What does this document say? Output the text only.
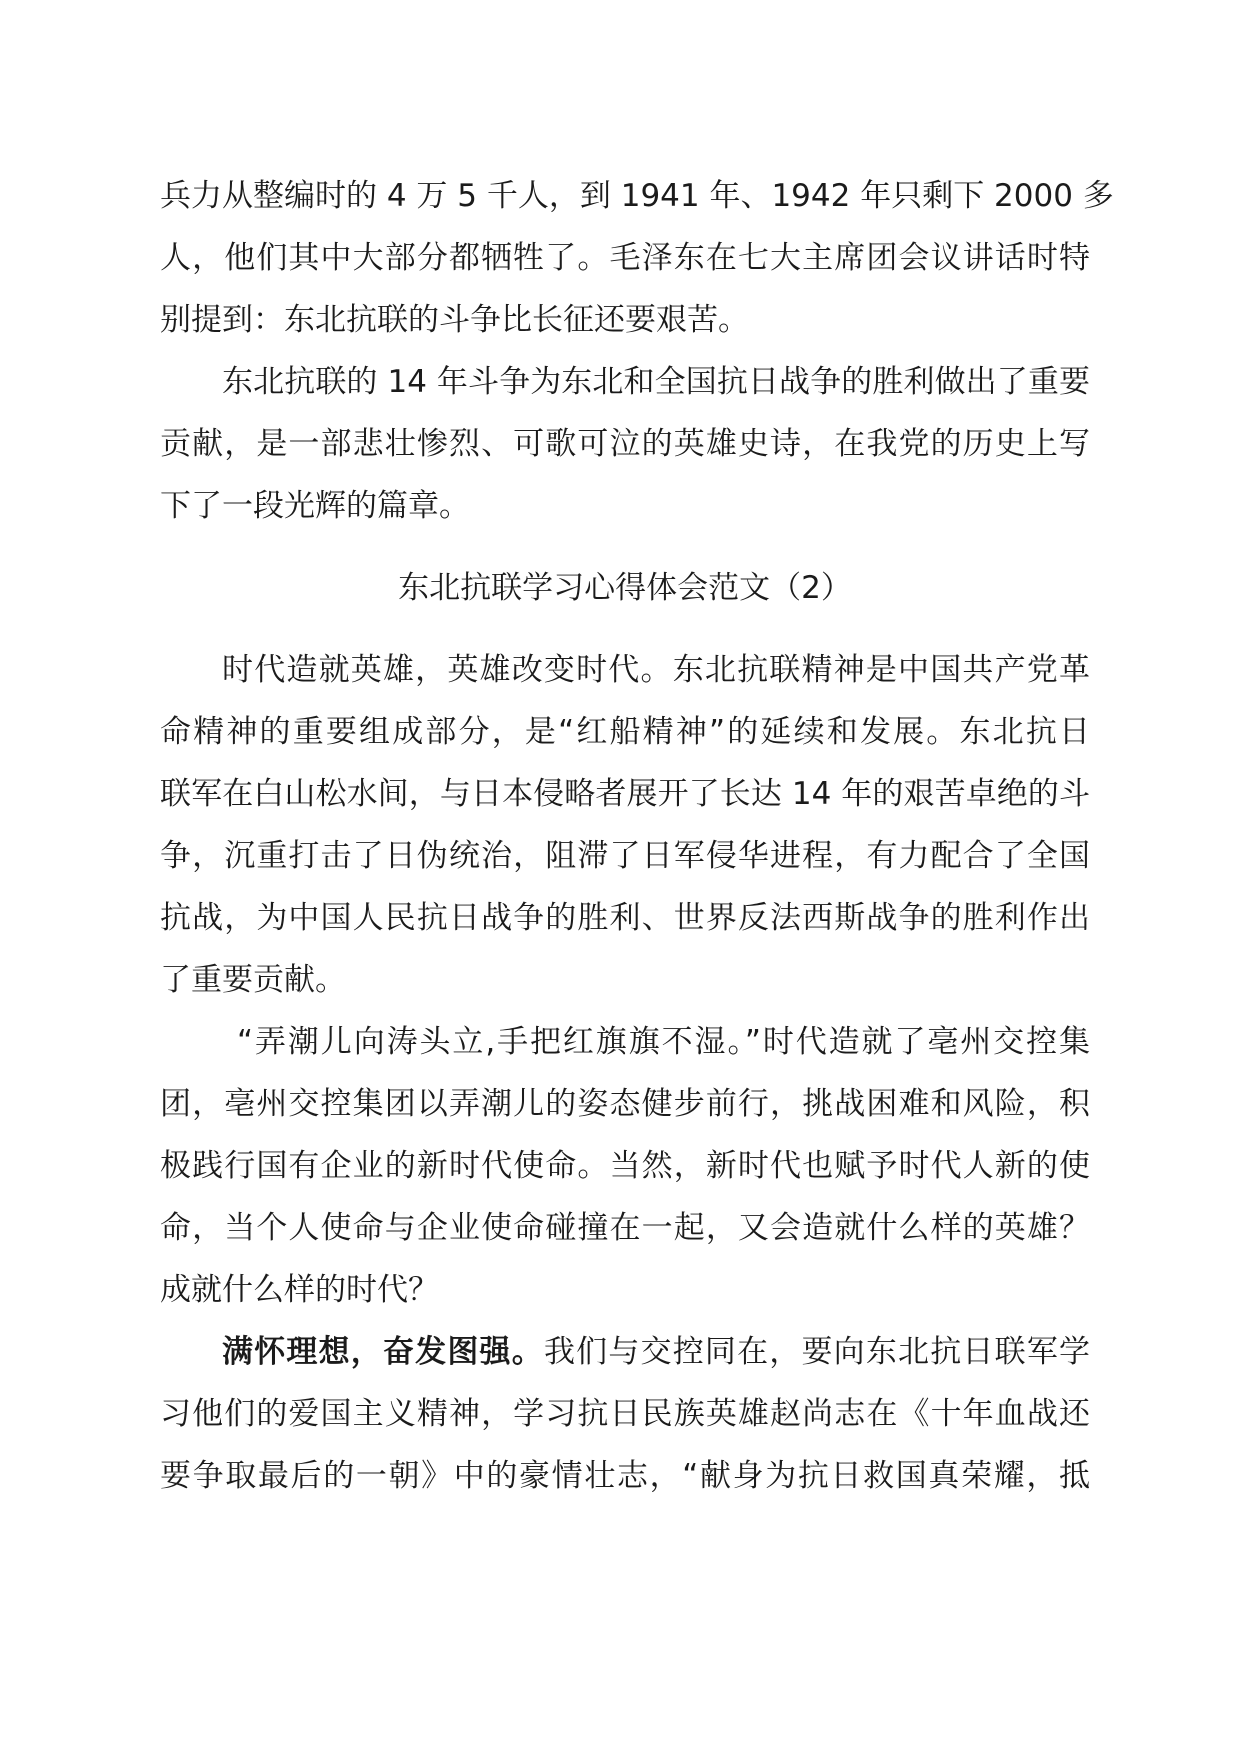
兵力从整编时的 4 万 5 千人，到 1941 年、1942 年只剩下 2000 多
人，他们其中大部分都牺牲了。毛泽东在七大主席团会议讲话时特
别提到：东北抗联的斗争比长征还要艰苦。
东北抗联的 14 年斗争为东北和全国抗日战争的胜利做出了重要
贡献，是一部悲壮惨烈、可歌可泣的英雄史诗，在我党的历史上写
下了一段光辉的篇章。
东北抗联学习心得体会范文（2）
时代造就英雄，英雄改变时代。东北抗联精神是中国共产党革
命精神的重要组成部分，是“红船精神”的延续和发展。东北抗日
联军在白山松水间，与日本侵略者展开了长达 14 年的艰苦卓绝的斗
争，沉重打击了日伪统治，阻滞了日军侵华进程，有力配合了全国
抗战，为中国人民抗日战争的胜利、世界反法西斯战争的胜利作出
了重要贡献。
“弄潮儿向涛头立,手把红旗旗不湿。”时代造就了亳州交控集
团，亳州交控集团以弄潮儿的姿态健步前行，挑战困难和风险，积
极践行国有企业的新时代使命。当然，新时代也赋予时代人新的使
命，当个人使命与企业使命碰撞在一起，又会造就什么样的英雄？
成就什么样的时代？
满怀理想，奋发图强。我们与交控同在，要向东北抗日联军学
习他们的爱国主义精神，学习抗日民族英雄赵尚志在《十年血战还
要争取最后的一朝》中的豪情壮志，“献身为抗日救国真荣耀，抵
